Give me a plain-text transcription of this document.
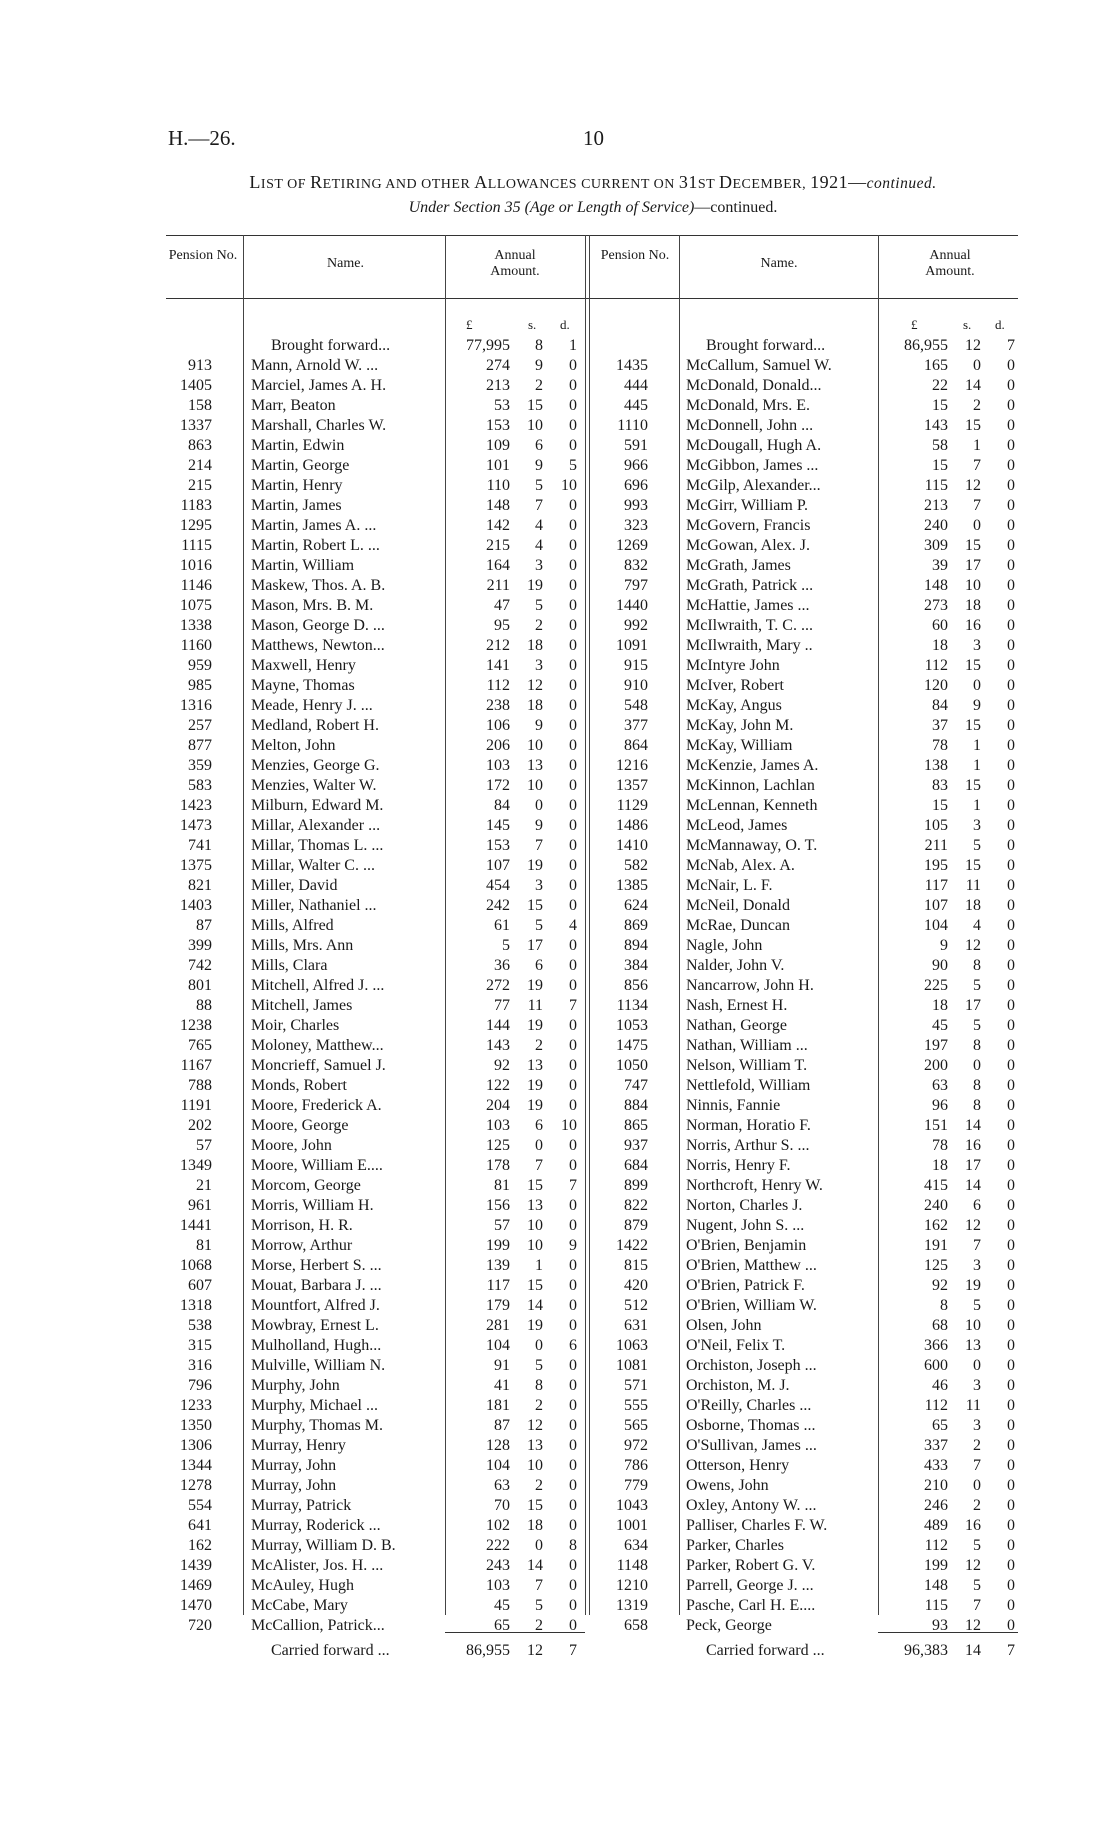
H.—26.	10
LIST OF RETIRING AND OTHER ALLOWANCES CURRENT ON 31ST DECEMBER, 1921—continued.
Under Section 35 (Age or Length of Service)—continued.
Pension No.
Name.
Annual Amount.
Pension No.
Name.
Annual Amount.
£	s. d.	£	s. d.
Brought forward...	77,995	8	1
913 Mann, Arnold W. ...	274	9	0
1405 Marciel, James A. H.	213	2	0
158 Marr, Beaton	53	15	0
1337 Marshall, Charles W.	153	10	0
863 Martin, Edwin	109	6	0
214 Martin, George	101	9	5
215 Martin, Henry	110	5	10
1183 Martin, James	148	7	0
1295 Martin, James A. ...	142	4	0
1115 Martin, Robert L. ...	215	4	0
1016 Martin, William	164	3	0
1146 Maskew, Thos. A. B.	211	19	0
1075 Mason, Mrs. B. M.	47	5	0
1338 Mason, George D. ...	95	2	0
1160 Matthews, Newton...	212	18	0
959 Maxwell, Henry	141	3	0
985 Mayne, Thomas	112	12	0
1316 Meade, Henry J. ...	238	18	0
257 Medland, Robert H.	106	9	0
877 Melton, John	206	10	0
359 Menzies, George G.	103	13	0
583 Menzies, Walter W.	172	10	0
1423 Milburn, Edward M.	84	0	0
1473 Millar, Alexander ...	145	9	0
741 Millar, Thomas L. ...	153	7	0
1375 Millar, Walter C. ...	107	19	0
821 Miller, David	454	3	0
1403 Miller, Nathaniel ...	242	15	0
87 Mills, Alfred	61	5	4
399 Mills, Mrs. Ann	5	17	0
742 Mills, Clara	36	6	0
801 Mitchell, Alfred J. ...	272	19	0
88 Mitchell, James	77	11	7
1238 Moir, Charles	144	19	0
765 Moloney, Matthew...	143	2	0
1167 Moncrieff, Samuel J.	92	13	0
788 Monds, Robert	122	19	0
1191 Moore, Frederick A.	204	19	0
202 Moore, George	103	6	10
57 Moore, John	125	0	0
1349 Moore, William E....	178	7	0
21 Morcom, George	81	15	7
961 Morris, William H.	156	13	0
1441 Morrison, H. R.	57	10	0
81 Morrow, Arthur	199	10	9
1068 Morse, Herbert S. ...	139	1	0
607 Mouat, Barbara J. ...	117	15	0
1318 Mountfort, Alfred J.	179	14	0
538 Mowbray, Ernest L.	281	19	0
315 Mulholland, Hugh...	104	0	6
316 Mulville, William N.	91	5	0
796 Murphy, John	41	8	0
1233 Murphy, Michael ...	181	2	0
1350 Murphy, Thomas M.	87	12	0
1306 Murray, Henry	128	13	0
1344 Murray, John	104	10	0
1278 Murray, John	63	2	0
554 Murray, Patrick	70	15	0
641 Murray, Roderick ...	102	18	0
162 Murray, William D. B.	222	0	8
1439 McAlister, Jos. H. ...	243	14	0
1469 McAuley, Hugh	103	7	0
1470 McCabe, Mary	45	5	0
720 McCallion, Patrick...	65	2	0
Carried forward ...	86,955	12	7
Brought forward...	86,955	12	7
1435 McCallum, Samuel W.	165	0	0
444 McDonald, Donald...	22	14	0
445 McDonald, Mrs. E.	15	2	0
1110 McDonnell, John ...	143	15	0
591 McDougall, Hugh A.	58	1	0
966 McGibbon, James ...	15	7	0
696 McGilp, Alexander...	115	12	0
993 McGirr, William P.	213	7	0
323 McGovern, Francis	240	0	0
1269 McGowan, Alex. J.	309	15	0
832 McGrath, James	39	17	0
797 McGrath, Patrick ...	148	10	0
1440 McHattie, James ...	273	18	0
992 McIlwraith, T. C. ...	60	16	0
1091 McIlwraith, Mary ..	18	3	0
915 McIntyre John	112	15	0
910 McIver, Robert	120	0	0
548 McKay, Angus	84	9	0
377 McKay, John M.	37	15	0
864 McKay, William	78	1	0
1216 McKenzie, James A.	138	1	0
1357 McKinnon, Lachlan	83	15	0
1129 McLennan, Kenneth	15	1	0
1486 McLeod, James	105	3	0
1410 McMannaway, O. T.	211	5	0
582 McNab, Alex. A.	195	15	0
1385 McNair, L. F.	117	11	0
624 McNeil, Donald	107	18	0
869 McRae, Duncan	104	4	0
894 Nagle, John	9	12	0
384 Nalder, John V.	90	8	0
856 Nancarrow, John H.	225	5	0
1134 Nash, Ernest H.	18	17	0
1053 Nathan, George	45	5	0
1475 Nathan, William ...	197	8	0
1050 Nelson, William T.	200	0	0
747 Nettlefold, William	63	8	0
884 Ninnis, Fannie	96	8	0
865 Norman, Horatio F.	151	14	0
937 Norris, Arthur S. ...	78	16	0
684 Norris, Henry F.	18	17	0
899 Northcroft, Henry W.	415	14	0
822 Norton, Charles J.	240	6	0
879 Nugent, John S. ...	162	12	0
1422 O'Brien, Benjamin	191	7	0
815 O'Brien, Matthew ...	125	3	0
420 O'Brien, Patrick F.	92	19	0
512 O'Brien, William W.	8	5	0
631 Olsen, John	68	10	0
1063 O'Neil, Felix T.	366	13	0
1081 Orchiston, Joseph ...	600	0	0
571 Orchiston, M. J.	46	3	0
555 O'Reilly, Charles ...	112	11	0
565 Osborne, Thomas ...	65	3	0
972 O'Sullivan, James ...	337	2	0
786 Otterson, Henry	433	7	0
779 Owens, John	210	0	0
1043 Oxley, Antony W. ...	246	2	0
1001 Palliser, Charles F. W.	489	16	0
634 Parker, Charles	112	5	0
1148 Parker, Robert G. V.	199	12	0
1210 Parrell, George J. ...	148	5	0
1319 Pasche, Carl H. E....	115	7	0
658 Peck, George	93	12	0
Carried forward ...	96,383	14	7
